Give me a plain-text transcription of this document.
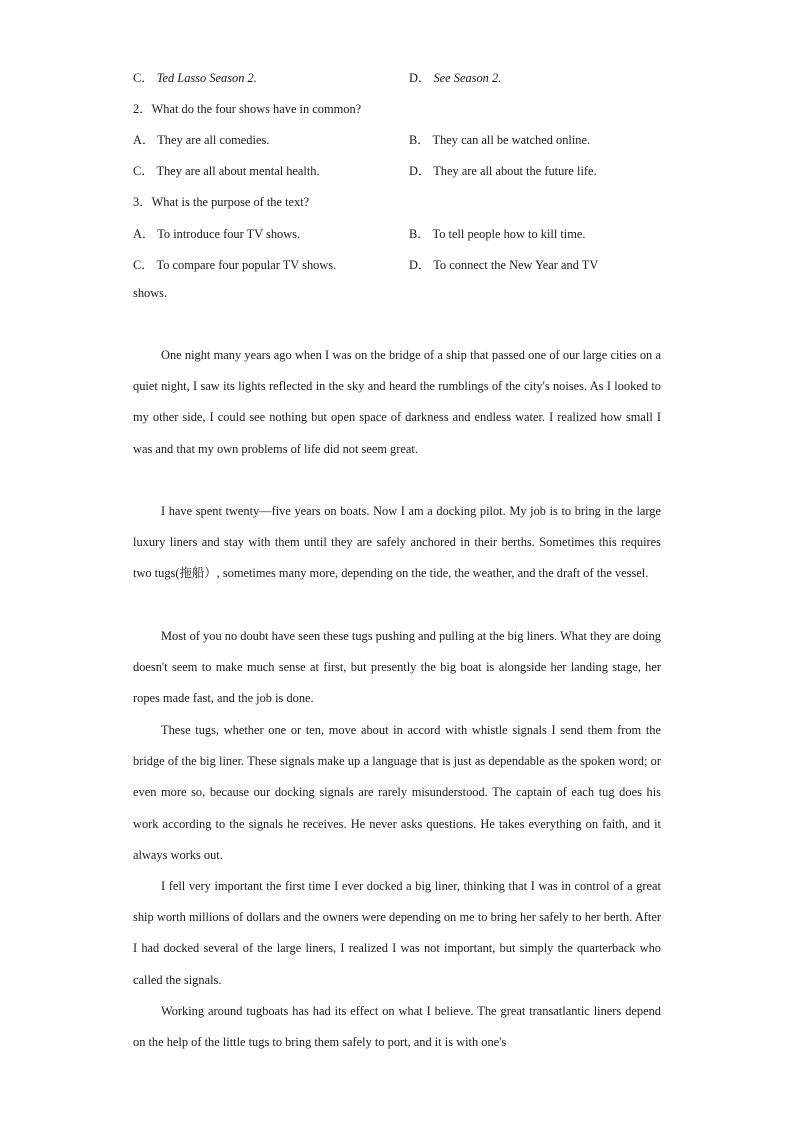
C． Ted Lasso Season 2.	D． See Season 2.
2．What do the four shows have in common?
A． They are all comedies.	B． They can all be watched online.
C． They are all about mental health.	D． They are all about the future life.
3．What is the purpose of the text?
A． To introduce four TV shows.	B． To tell people how to kill time.
C． To compare four popular TV shows.	D． To connect the New Year and TV
shows.

One night many years ago when I was on the bridge of a ship that passed one of our large cities on a quiet night, I saw its lights reflected in the sky and heard the rumblings of the city's noises. As I looked to my other side, I could see nothing but open space of darkness and endless water. I realized how small I was and that my own problems of life did not seem great.

I have spent twenty—five years on boats. Now I am a docking pilot. My job is to bring in the large luxury liners and stay with them until they are safely anchored in their berths. Sometimes this requires two tugs(拖船）, sometimes many more, depending on the tide, the weather, and the draft of the vessel.

Most of you no doubt have seen these tugs pushing and pulling at the big liners. What they are doing doesn't seem to make much sense at first, but presently the big boat is alongside her landing stage, her ropes made fast, and the job is done.

These tugs, whether one or ten, move about in accord with whistle signals I send them from the bridge of the big liner. These signals make up a language that is just as dependable as the spoken word; or even more so, because our docking signals are rarely misunderstood. The captain of each tug does his work according to the signals he receives. He never asks questions. He takes everything on faith, and it always works out.

I fell very important the first time I ever docked a big liner, thinking that I was in control of a great ship worth millions of dollars and the owners were depending on me to bring her safely to her berth. After I had docked several of the large liners, I realized I was not important, but simply the quarterback who called the signals.

Working around tugboats has had its effect on what I believe. The great transatlantic liners depend on the help of the little tugs to bring them safely to port, and it is with one's
